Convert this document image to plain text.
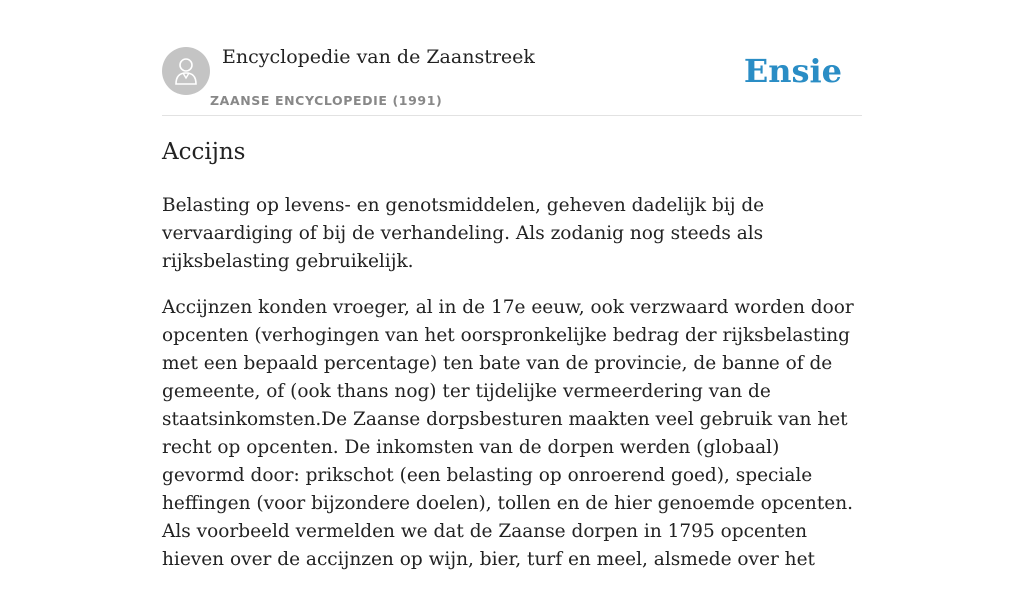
Encyclopedie van de Zaanstreek
ZAANSE ENCYCLOPEDIE (1991)
Ensie
Accijns

Belasting op levens- en genotsmiddelen, geheven dadelijk bij de vervaardiging of bij de verhandeling. Als zodanig nog steeds als rijksbelasting gebruikelijk.

Accijnzen konden vroeger, al in de 17e eeuw, ook verzwaard worden door opcenten (verhogingen van het oorspronkelijke bedrag der rijksbelasting met een bepaald percentage) ten bate van de provincie, de banne of de gemeente, of (ook thans nog) ter tijdelijke vermeerdering van de staatsinkomsten.De Zaanse dorpsbesturen maakten veel gebruik van het recht op opcenten. De inkomsten van de dorpen werden (globaal) gevormd door: prikschot (een belasting op onroerend goed), speciale heffingen (voor bijzondere doelen), tollen en de hier genoemde opcenten. Als voorbeeld vermelden we dat de Zaanse dorpen in 1795 opcenten hieven over de accijnzen op wijn, bier, turf en meel, alsmede over het
